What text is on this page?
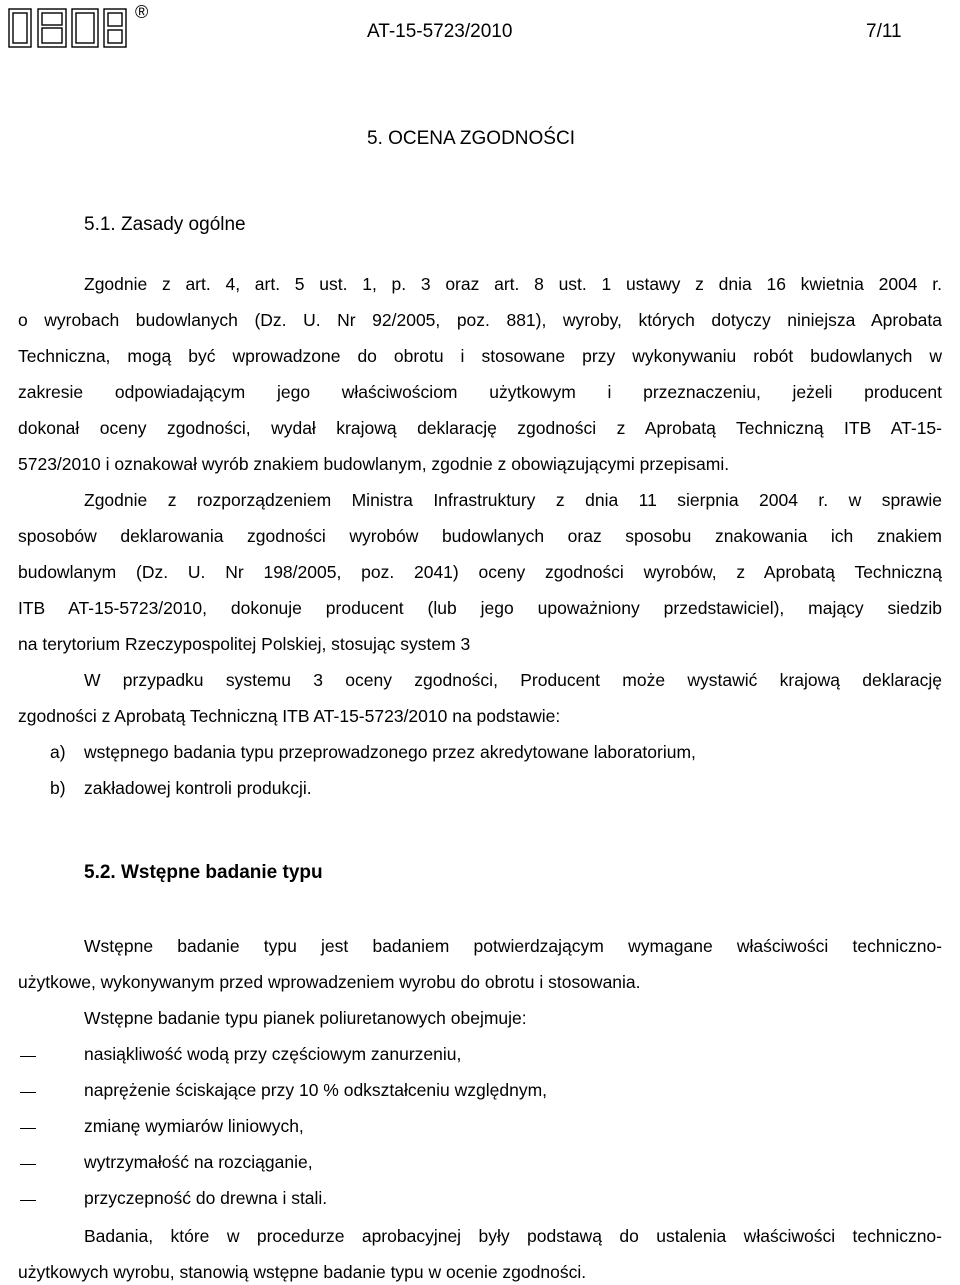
®
AT-15-5723/2010	7/11
5. OCENA ZGODNOŚCI
5.1. Zasady ogólne
Zgodnie z art. 4, art. 5 ust. 1, p. 3 oraz art. 8 ust. 1 ustawy z dnia 16 kwietnia 2004 r.
o wyrobach budowlanych (Dz. U. Nr 92/2005, poz. 881), wyroby, których dotyczy niniejsza Aprobata
Techniczna, mogą być wprowadzone do obrotu i stosowane przy wykonywaniu robót budowlanych w
zakresie odpowiadającym jego właściwościom użytkowym i przeznaczeniu, jeżeli producent
dokonał oceny zgodności, wydał krajową deklarację zgodności z Aprobatą Techniczną ITB AT-15-
5723/2010 i oznakował wyrób znakiem budowlanym, zgodnie z obowiązującymi przepisami.
Zgodnie z rozporządzeniem Ministra Infrastruktury z dnia 11 sierpnia 2004 r. w sprawie
sposobów deklarowania zgodności wyrobów budowlanych oraz sposobu znakowania ich znakiem
budowlanym (Dz. U. Nr 198/2005, poz. 2041) oceny zgodności wyrobów, z Aprobatą Techniczną
ITB AT-15-5723/2010, dokonuje producent (lub jego upoważniony przedstawiciel), mający siedzib
na terytorium Rzeczypospolitej Polskiej, stosując system 3
W przypadku systemu 3 oceny zgodności, Producent może wystawić krajową deklarację
zgodności z Aprobatą Techniczną ITB AT-15-5723/2010 na podstawie:
a) wstępnego badania typu przeprowadzonego przez akredytowane laboratorium,
b) zakładowej kontroli produkcji.
5.2. Wstępne badanie typu
Wstępne badanie typu jest badaniem potwierdzającym wymagane właściwości techniczno-
użytkowe, wykonywanym przed wprowadzeniem wyrobu do obrotu i stosowania.
Wstępne badanie typu pianek poliuretanowych obejmuje:
nasiąkliwość wodą przy częściowym zanurzeniu,
naprężenie ściskające przy 10 % odkształceniu względnym,
zmianę wymiarów liniowych,
wytrzymałość na rozciąganie,
przyczepność do drewna i stali.
Badania, które w procedurze aprobacyjnej były podstawą do ustalenia właściwości techniczno-
użytkowych wyrobu, stanowią wstępne badanie typu w ocenie zgodności.
